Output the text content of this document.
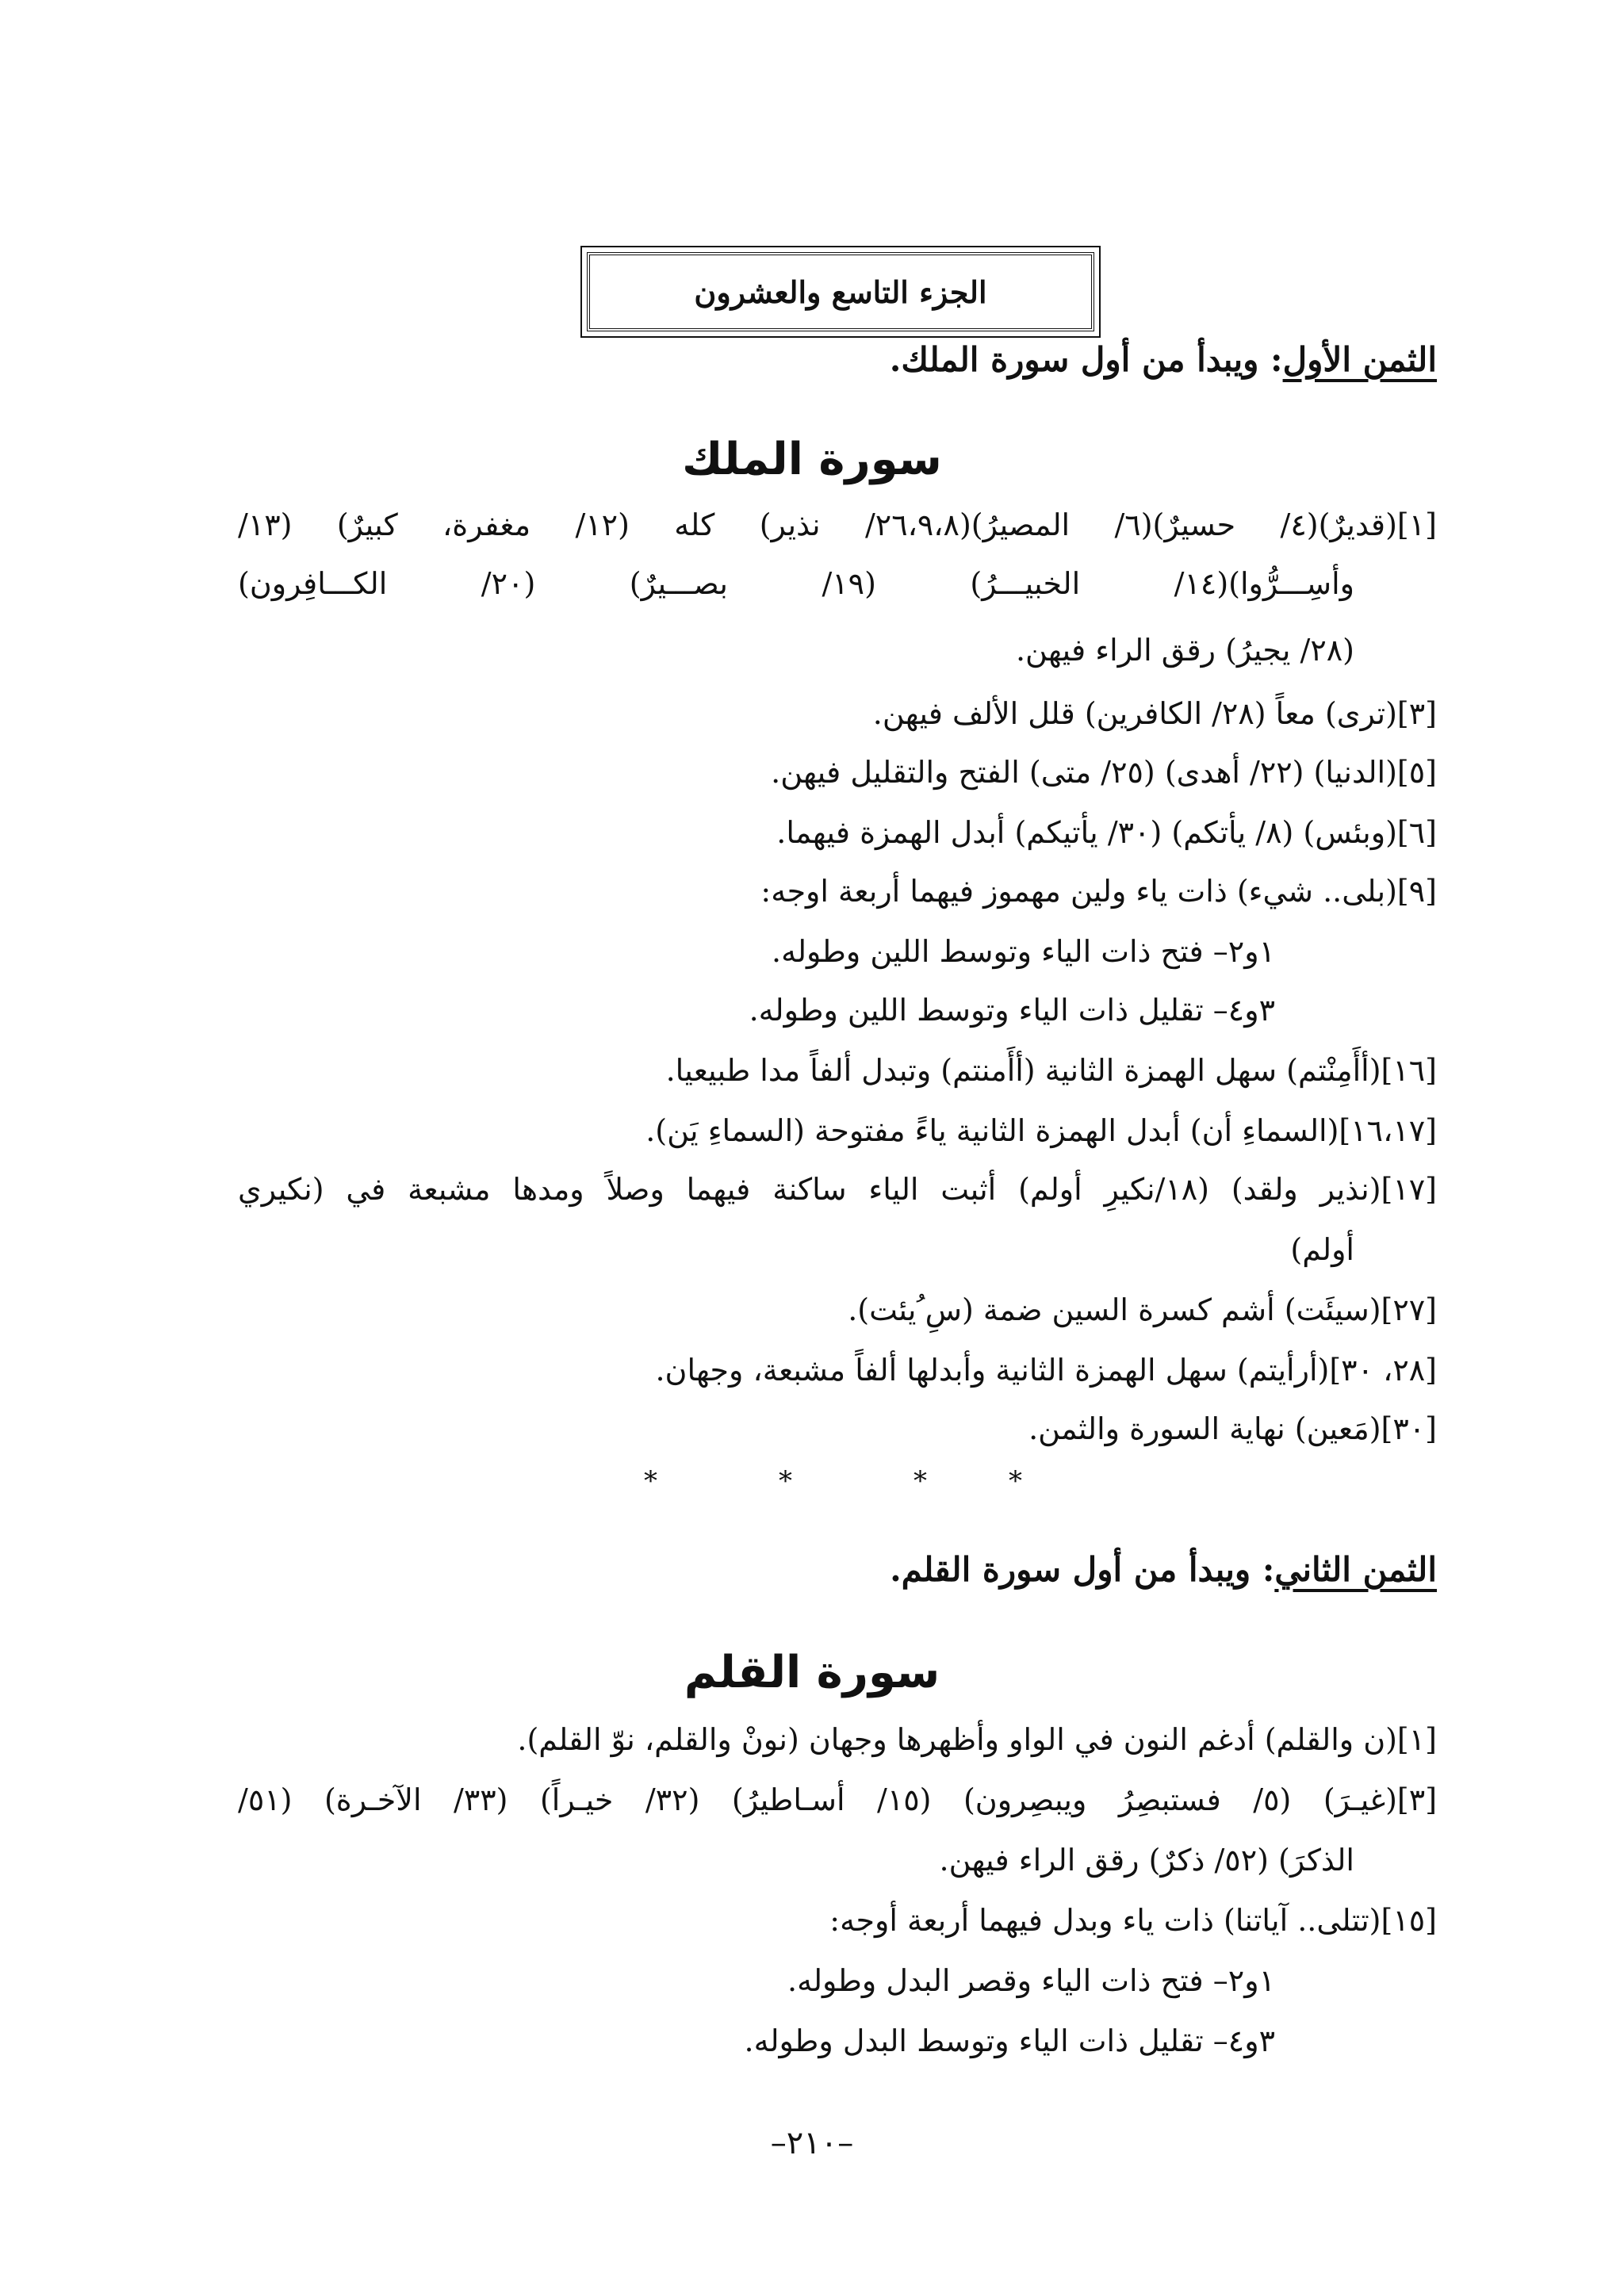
الجزء التاسع والعشرون
الثمن الأول: ويبدأ من أول سورة الملك.
سورة الملك
[١](قديرٌ)(٤/ حسيرٌ)(٦/ المصيرُ)(٢٦،٩،٨/ نذير) كله (١٢/ مغفرة، كبيرٌ) (١٣/
وأسِـــرُّوا)(١٤/ الخبيـــرُ) (١٩/ بصـــيرٌ) (٢٠/ الكـــافِرون)
(٢٨/ يجيرُ) رقق الراء فيهن.
[٣](ترى) معاً (٢٨/ الكافرين) قلل الألف فيهن.
[٥](الدنيا) (٢٢/ أهدى) (٢٥/ متى) الفتح والتقليل فيهن.
[٦](وبئس) (٨/ يأتكم) (٣٠/ يأتيكم) أبدل الهمزة فيهما.
[٩](بلى.. شيء) ذات ياء ولين مهموز فيهما أربعة اوجه:
١و٢– فتح ذات الياء وتوسط اللين وطوله.
٣و٤– تقليل ذات الياء وتوسط اللين وطوله.
[١٦](أأَمِنْتم) سهل الهمزة الثانية (أأَمنتم) وتبدل ألفاً مدا طبيعيا.
[١٦،١٧](السماءِ أن) أبدل الهمزة الثانية ياءً مفتوحة (السماءِ يَن).
[١٧](نذير ولقد) (١٨/نكيرِ أولم) أثبت الياء ساكنة فيهما وصلاً ومدها مشبعة في (نكيري
أولم)
[٢٧](سيئَت) أشم كسرة السين ضمة (سِ ُيئت).
[٢٨، ٣٠](أرأيتم) سهل الهمزة الثانية وأبدلها ألفاً مشبعة، وجهان.
[٣٠](مَعين) نهاية السورة والثمن.
*	*	*	*
الثمن الثاني: ويبدأ من أول سورة القلم.
سورة القلم
[١](ن والقلم) أدغم النون في الواو وأظهرها وجهان (نونْ والقلم، نوّ القلم).
[٣](غيـرَ) (٥/ فستبصِرُ ويبصِرون) (١٥/ أسـاطيرُ) (٣٢/ خيـراً) (٣٣/ الآخـرة) (٥١/
الذكرَ) (٥٢/ ذكرٌ) رقق الراء فيهن.
[١٥](تتلى.. آياتنا) ذات ياء وبدل فيهما أربعة أوجه:
١و٢– فتح ذات الياء وقصر البدل وطوله.
٣و٤– تقليل ذات الياء وتوسط البدل وطوله.
–٢١٠–
